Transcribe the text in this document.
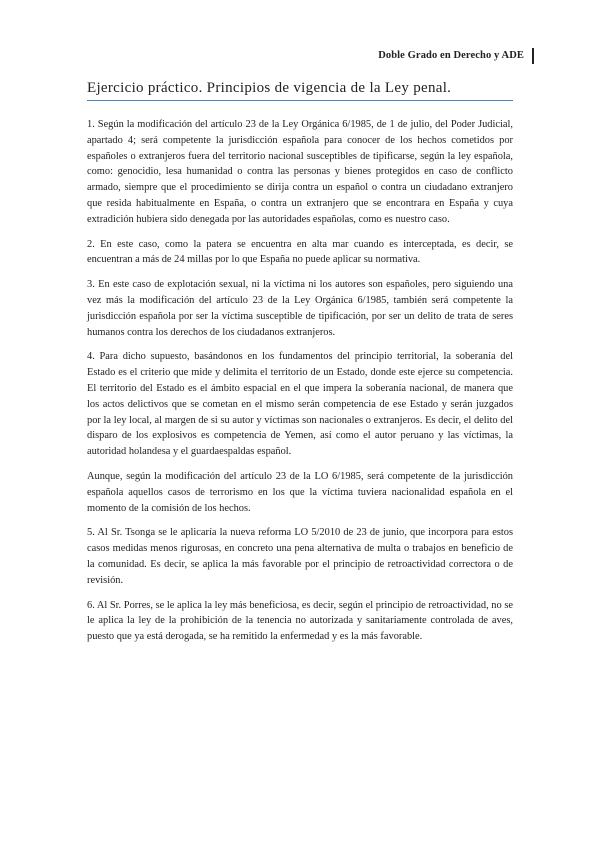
Doble Grado en Derecho y ADE
Ejercicio práctico. Principios de vigencia de la Ley penal.

1. Según la modificación del artículo 23 de la Ley Orgánica 6/1985, de 1 de julio, del Poder Judicial, apartado 4; será competente la jurisdicción española para conocer de los hechos cometidos por españoles o extranjeros fuera del territorio nacional susceptibles de tipificarse, según la ley española, como: genocidio, lesa humanidad o contra las personas y bienes protegidos en caso de conflicto armado, siempre que el procedimiento se dirija contra un español o contra un ciudadano extranjero que resida habitualmente en España, o contra un extranjero que se encontrara en España y cuya extradición hubiera sido denegada por las autoridades españolas, como es nuestro caso.

2. En este caso, como la patera se encuentra en alta mar cuando es interceptada, es decir, se encuentran a más de 24 millas por lo que España no puede aplicar su normativa.

3. En este caso de explotación sexual, ni la víctima ni los autores son españoles, pero siguiendo una vez más la modificación del artículo 23 de la Ley Orgánica 6/1985, también será competente la jurisdicción española por ser la víctima susceptible de tipificación, por ser un delito de trata de seres humanos contra los derechos de los ciudadanos extranjeros.

4. Para dicho supuesto, basándonos en los fundamentos del principio territorial, la soberanía del Estado es el criterio que mide y delimita el territorio de un Estado, donde este ejerce su competencia. El territorio del Estado es el ámbito espacial en el que impera la soberanía nacional, de manera que los actos delictivos que se cometan en el mismo serán competencia de ese Estado y serán juzgados por la ley local, al margen de si su autor y víctimas son nacionales o extranjeros. Es decir, el delito del disparo de los explosivos es competencia de Yemen, así como el autor peruano y las víctimas, la autoridad holandesa y el guardaespaldas español.

Aunque, según la modificación del artículo 23 de la LO 6/1985, será competente de la jurisdicción española aquellos casos de terrorismo en los que la víctima tuviera nacionalidad española en el momento de la comisión de los hechos.

5. Al Sr. Tsonga se le aplicaría la nueva reforma LO 5/2010 de 23 de junio, que incorpora para estos casos medidas menos rigurosas, en concreto una pena alternativa de multa o trabajos en beneficio de la comunidad. Es decir, se aplica la más favorable por el principio de retroactividad correctora o de revisión.

6. Al Sr. Porres, se le aplica la ley más beneficiosa, es decir, según el principio de retroactividad, no se le aplica la ley de la prohibición de la tenencia no autorizada y sanitariamente controlada de aves, puesto que ya está derogada, se ha remitido la enfermedad y es la más favorable.
